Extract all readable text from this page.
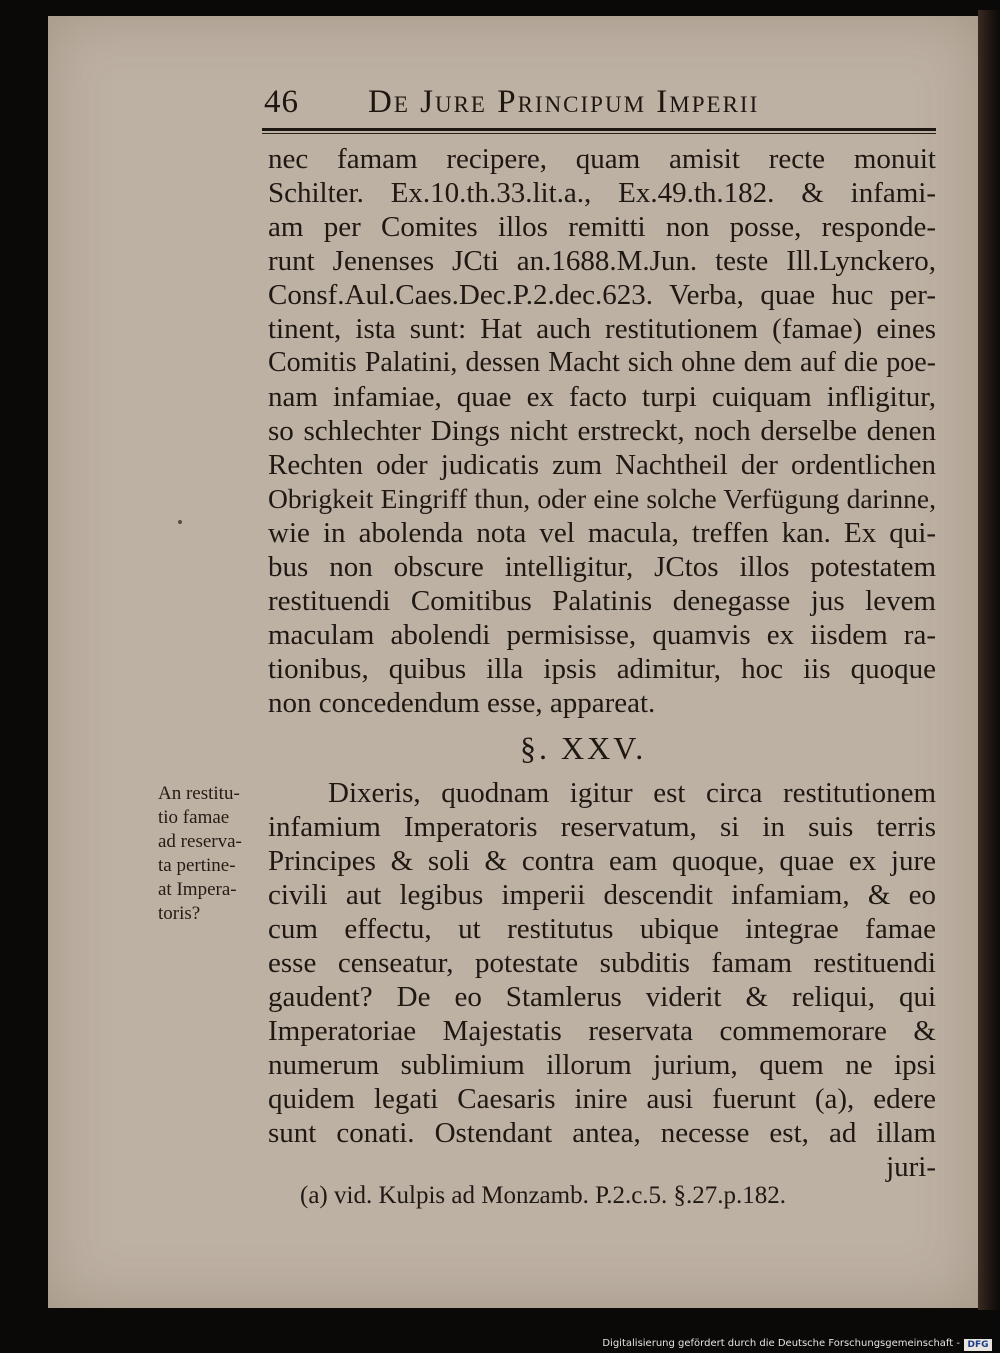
46 De Jure Principum Imperii
nec famam recipere, quam amisit recte monuit
Schilter. Ex.10.th.33.lit.a., Ex.49.th.182. & infami-
am per Comites illos remitti non posse, responde-
runt Jenenses JCti an.1688.M.Jun. teste Ill.Lynckero,
Consf.Aul.Caes.Dec.P.2.dec.623. Verba, quae huc per-
tinent, ista sunt: Hat auch restitutionem (famae) eines
Comitis Palatini, dessen Macht sich ohne dem auf die poe-
nam infamiae, quae ex facto turpi cuiquam infligitur,
so schlechter Dings nicht erstreckt, noch derselbe denen
Rechten oder judicatis zum Nachtheil der ordentlichen
Obrigkeit Eingriff thun, oder eine solche Verfügung darinne,
wie in abolenda nota vel macula, treffen kan. Ex qui-
bus non obscure intelligitur, JCtos illos potestatem
restituendi Comitibus Palatinis denegasse jus levem
maculam abolendi permisisse, quamvis ex iisdem ra-
tionibus, quibus illa ipsis adimitur, hoc iis quoque
non concedendum esse, appareat.
§. XXV.
An restitu-
tio famae
ad reserva-
ta pertine-
at Impera-
toris?
Dixeris, quodnam igitur est circa restitutionem
infamium Imperatoris reservatum, si in suis terris
Principes & soli & contra eam quoque, quae ex jure
civili aut legibus imperii descendit infamiam, & eo
cum effectu, ut restitutus ubique integrae famae
esse censeatur, potestate subditis famam restituendi
gaudent? De eo Stamlerus viderit & reliqui, qui
Imperatoriae Majestatis reservata commemorare &
numerum sublimium illorum jurium, quem ne ipsi
quidem legati Caesaris inire ausi fuerunt (a), edere
sunt conati. Ostendant antea, necesse est, ad illam
juri-
(a) vid. Kulpis ad Monzamb. P.2.c.5. §.27.p.182.
Digitalisierung gefördert durch die Deutsche Forschungsgemeinschaft - DFG
